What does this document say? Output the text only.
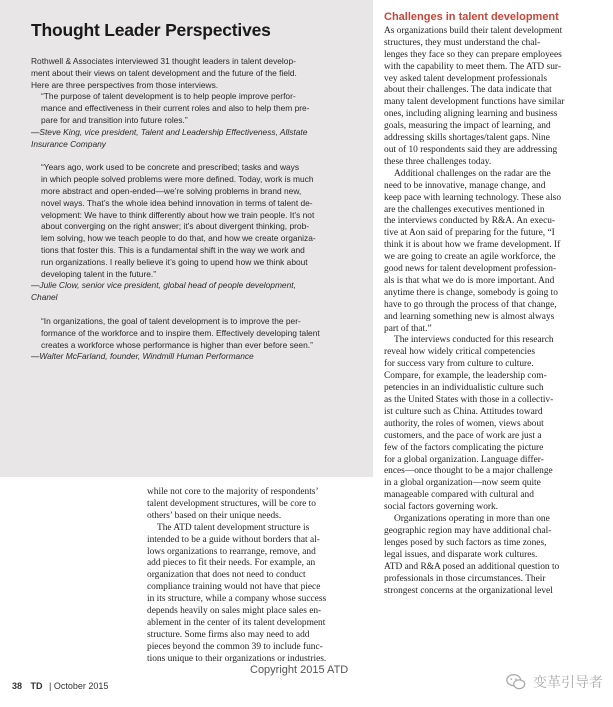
Thought Leader Perspectives

Rothwell & Associates interviewed 31 thought leaders in talent develop-
ment about their views on talent development and the future of the field.
Here are three perspectives from those interviews.

“The purpose of talent development is to help people improve perfor-
mance and effectiveness in their current roles and also to help them pre-
pare for and transition into future roles.”

—Steve King, vice president, Talent and Leadership Effectiveness, Allstate
Insurance Company

“Years ago, work used to be concrete and prescribed; tasks and ways
in which people solved problems were more defined. Today, work is much
more abstract and open-ended—we’re solving problems in brand new,
novel ways. That’s the whole idea behind innovation in terms of talent de-
velopment: We have to think differently about how we train people. It’s not
about converging on the right answer; it’s about divergent thinking, prob-
lem solving, how we teach people to do that, and how we create organiza-
tions that foster this. This is a fundamental shift in the way we work and
run organizations. I really believe it’s going to upend how we think about
developing talent in the future.”

—Julie Clow, senior vice president, global head of people development,
Chanel

“In organizations, the goal of talent development is to improve the per-
formance of the workforce and to inspire them. Effectively developing talent
creates a workforce whose performance is higher than ever before seen.”

—Walter McFarland, founder, Windmill Human Performance

while not core to the majority of respondents’
talent development structures, will be core to
others’ based on their unique needs.

The ATD talent development structure is
intended to be a guide without borders that al-
lows organizations to rearrange, remove, and
add pieces to fit their needs. For example, an
organization that does not need to conduct
compliance training would not have that piece
in its structure, while a company whose success
depends heavily on sales might place sales en-
ablement in the center of its talent development
structure. Some firms also may need to add
pieces beyond the common 39 to include func-
tions unique to their organizations or industries.

Challenges in talent development

As organizations build their talent development
structures, they must understand the chal-
lenges they face so they can prepare employees
with the capability to meet them. The ATD sur-
vey asked talent development professionals
about their challenges. The data indicate that
many talent development functions have similar
ones, including aligning learning and business
goals, measuring the impact of learning, and
addressing skills shortages/talent gaps. Nine
out of 10 respondents said they are addressing
these three challenges today.

Additional challenges on the radar are the
need to be innovative, manage change, and
keep pace with learning technology. These also
are the challenges executives mentioned in
the interviews conducted by R&A. An execu-
tive at Aon said of preparing for the future, “I
think it is about how we frame development. If
we are going to create an agile workforce, the
good news for talent development profession-
als is that what we do is more important. And
anytime there is change, somebody is going to
have to go through the process of that change,
and learning something new is almost always
part of that.”

The interviews conducted for this research
reveal how widely critical competencies
for success vary from culture to culture.
Compare, for example, the leadership com-
petencies in an individualistic culture such
as the United States with those in a collectiv-
ist culture such as China. Attitudes toward
authority, the roles of women, views about
customers, and the pace of work are just a
few of the factors complicating the picture
for a global organization. Language differ-
ences—once thought to be a major challenge
in a global organization—now seem quite
manageable compared with cultural and
social factors governing work.

Organizations operating in more than one
geographic region may have additional chal-
lenges posed by such factors as time zones,
legal issues, and disparate work cultures.
ATD and R&A posed an additional question to
professionals in those circumstances. Their
strongest concerns at the organizational level

38 TD | October 2015
Copyright 2015 ATD
变革引导者
